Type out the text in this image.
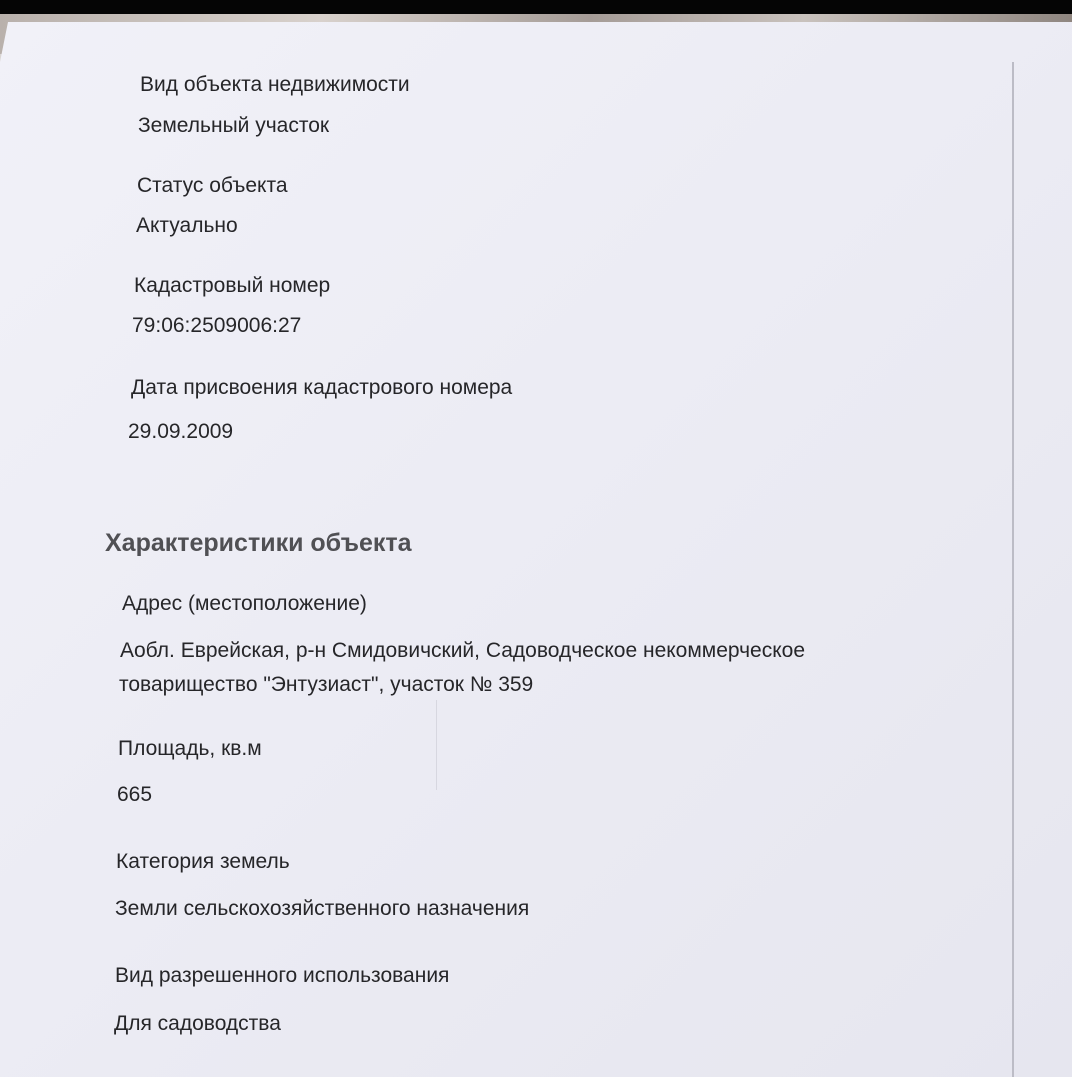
Вид объекта недвижимости
Земельный участок
Статус объекта
Актуально
Кадастровый номер
79:06:2509006:27
Дата присвоения кадастрового номера
29.09.2009
Характеристики объекта
Адрес (местоположение)
Аобл. Еврейская, р-н Смидовичский, Садоводческое некоммерческое
товарищество "Энтузиаст", участок № 359
Площадь, кв.м
665
Категория земель
Земли сельскохозяйственного назначения
Вид разрешенного использования
Для садоводства
